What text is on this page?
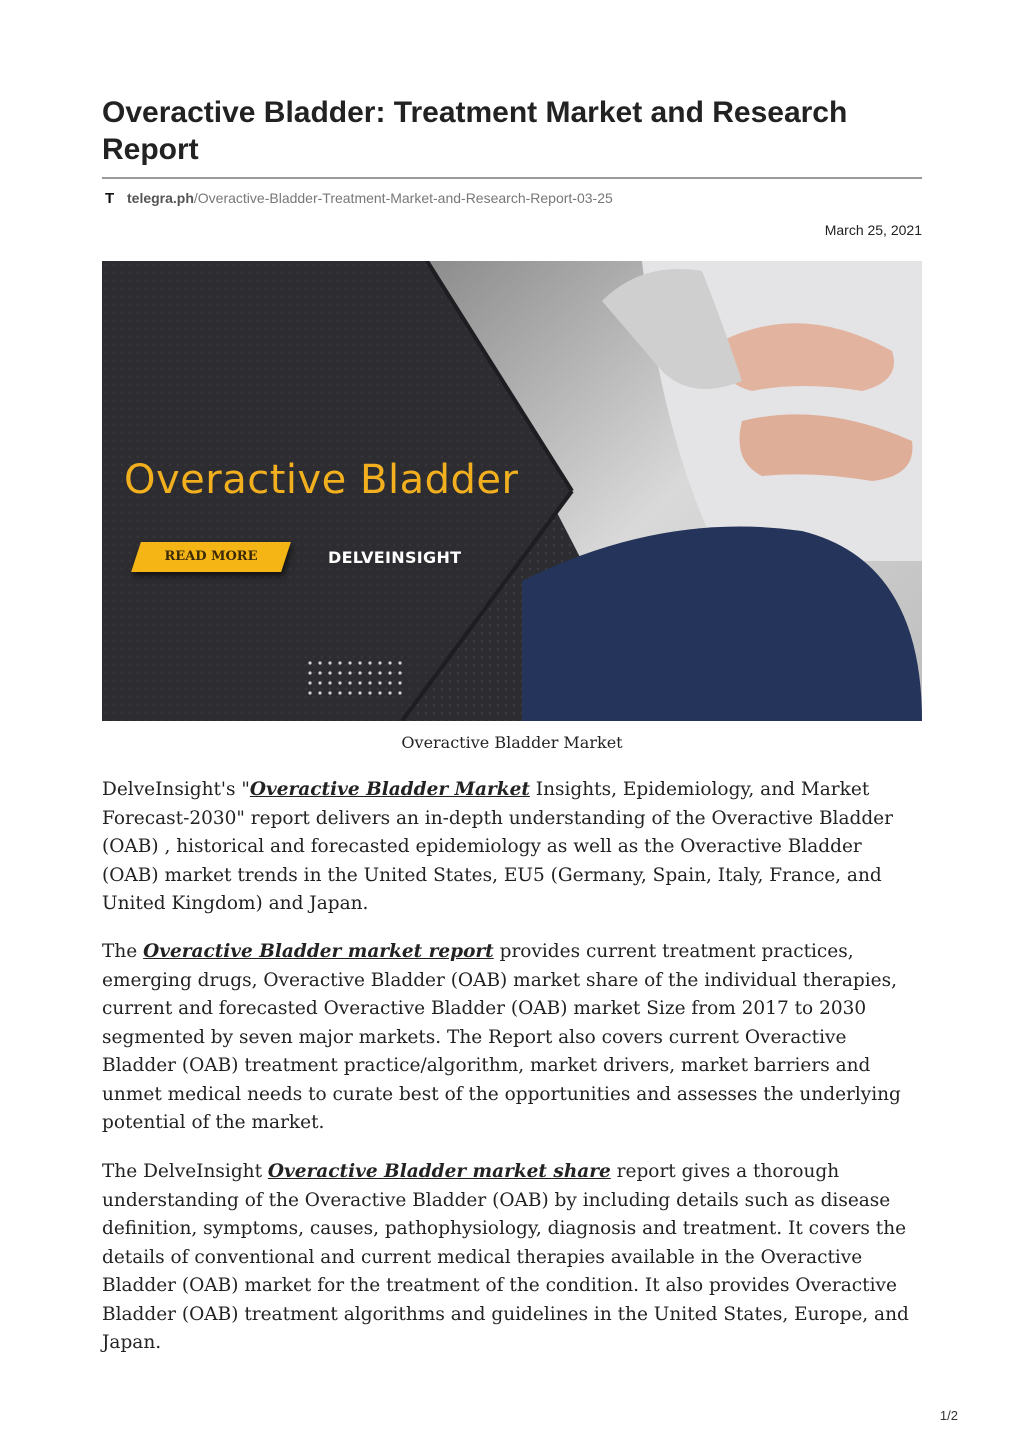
Overactive Bladder: Treatment Market and Research Report
T telegra.ph/Overactive-Bladder-Treatment-Market-and-Research-Report-03-25
March 25, 2021
Overactive Bladder
READ MORE	DELVEINSIGHT
Overactive Bladder Market

DelveInsight's "Overactive Bladder Market Insights, Epidemiology, and Market Forecast-2030" report delivers an in-depth understanding of the Overactive Bladder (OAB) , historical and forecasted epidemiology as well as the Overactive Bladder (OAB) market trends in the United States, EU5 (Germany, Spain, Italy, France, and United Kingdom) and Japan.

The Overactive Bladder market report provides current treatment practices, emerging drugs, Overactive Bladder (OAB) market share of the individual therapies, current and forecasted Overactive Bladder (OAB) market Size from 2017 to 2030 segmented by seven major markets. The Report also covers current Overactive Bladder (OAB) treatment practice/algorithm, market drivers, market barriers and unmet medical needs to curate best of the opportunities and assesses the underlying potential of the market.

The DelveInsight Overactive Bladder market share report gives a thorough understanding of the Overactive Bladder (OAB) by including details such as disease definition, symptoms, causes, pathophysiology, diagnosis and treatment. It covers the details of conventional and current medical therapies available in the Overactive Bladder (OAB) market for the treatment of the condition. It also provides Overactive Bladder (OAB) treatment algorithms and guidelines in the United States, Europe, and Japan.

1/2
